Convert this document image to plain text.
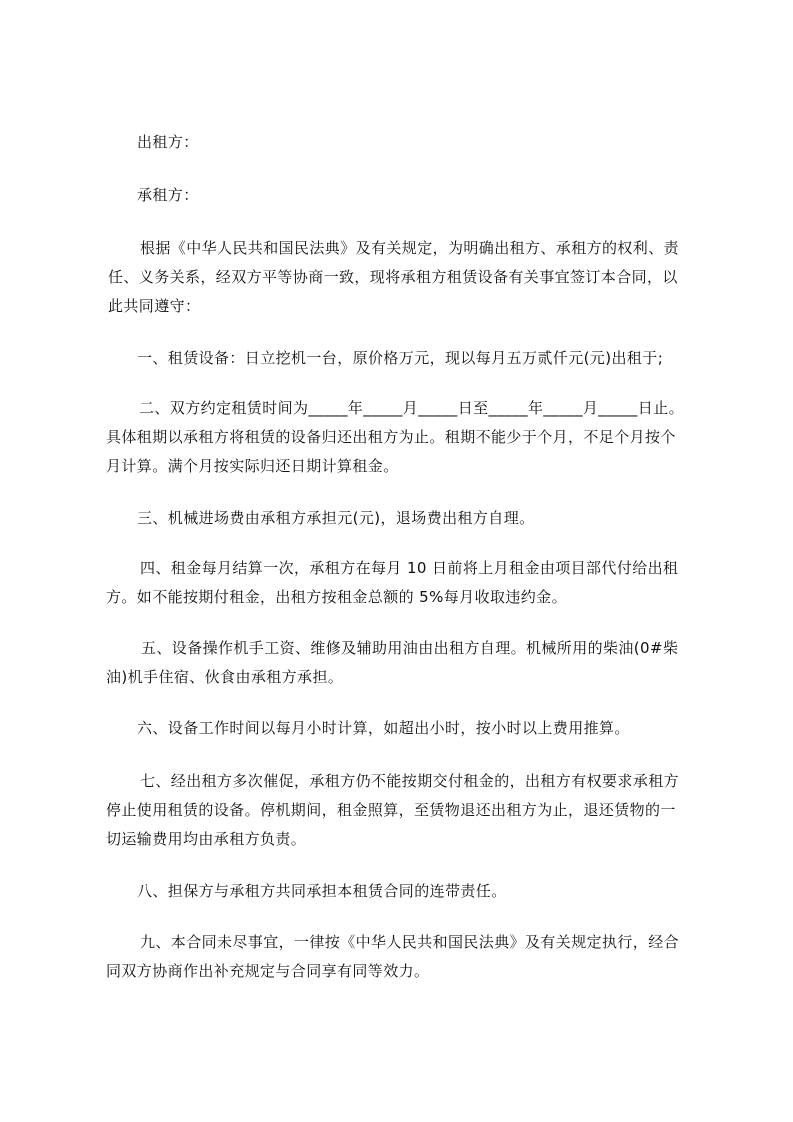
出租方：
承租方：
根据《中华人民共和国民法典》及有关规定，为明确出租方、承租方的权利、责
任、义务关系，经双方平等协商一致，现将承租方租赁设备有关事宜签订本合同，以
此共同遵守：
一、租赁设备：日立挖机一台，原价格万元，现以每月五万贰仟元(元)出租于;
二、双方约定租赁时间为_____年_____月_____日至_____年_____月_____日止。
具体租期以承租方将租赁的设备归还出租方为止。租期不能少于个月，不足个月按个
月计算。满个月按实际归还日期计算租金。
三、机械进场费由承租方承担元(元)，退场费出租方自理。
四、租金每月结算一次，承租方在每月 10 日前将上月租金由项目部代付给出租
方。如不能按期付租金，出租方按租金总额的 5%每月收取违约金。
五、设备操作机手工资、维修及辅助用油由出租方自理。机械所用的柴油(0#柴
油)机手住宿、伙食由承租方承担。
六、设备工作时间以每月小时计算，如超出小时，按小时以上费用推算。
七、经出租方多次催促，承租方仍不能按期交付租金的，出租方有权要求承租方
停止使用租赁的设备。停机期间，租金照算，至赁物退还出租方为止，退还赁物的一
切运输费用均由承租方负责。
八、担保方与承租方共同承担本租赁合同的连带责任。
九、本合同未尽事宜，一律按《中华人民共和国民法典》及有关规定执行，经合
同双方协商作出补充规定与合同享有同等效力。
